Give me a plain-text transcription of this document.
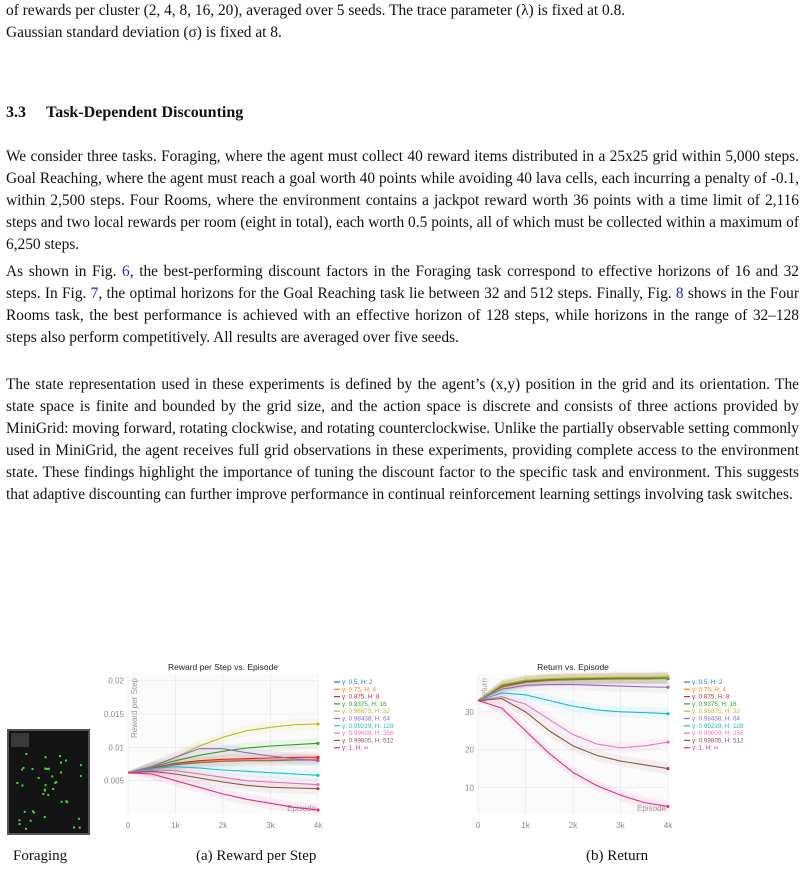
of rewards per cluster (2, 4, 8, 16, 20), averaged over 5 seeds. The trace parameter (λ) is fixed at 0.8.

Gaussian standard deviation (σ) is fixed at 8.

3.3 Task-Dependent Discounting

We consider three tasks. Foraging, where the agent must collect 40 reward items distributed in a 25x25 grid within 5,000 steps. Goal Reaching, where the agent must reach a goal worth 40 points while avoiding 40 lava cells, each incurring a penalty of -0.1, within 2,500 steps. Four Rooms, where the environment contains a jackpot reward worth 36 points with a time limit of 2,116 steps and two local rewards per room (eight in total), each worth 0.5 points, all of which must be collected within a maximum of 6,250 steps.

As shown in Fig. 6, the best-performing discount factors in the Foraging task correspond to effective horizons of 16 and 32 steps. In Fig. 7, the optimal horizons for the Goal Reaching task lie between 32 and 512 steps. Finally, Fig. 8 shows in the Four Rooms task, the best performance is achieved with an effective horizon of 128 steps, while horizons in the range of 32–128 steps also perform competitively. All results are averaged over five seeds.

The state representation used in these experiments is defined by the agent’s (x,y) position in the grid and its orientation. The state space is finite and bounded by the grid size, and the action space is discrete and consists of three actions provided by MiniGrid: moving forward, rotating clockwise, and rotating counterclockwise. Unlike the partially observable setting commonly used in MiniGrid, the agent receives full grid observations in these experiments, providing complete access to the environment state. These findings highlight the importance of tuning the discount factor to the specific task and environment. This suggests that adaptive discounting can further improve performance in continual reinforcement learning settings involving task switches.

Reward per Step vs. Episode
0.005
0.01
0.015
0.02
0	1k	2k	3k	4k
Episode
Reward per Step	γ: 0.5, H: 2
γ: 0.75, H: 4
γ: 0.875, H: 8
γ: 0.9375, H: 16
γ: 0.96875, H: 32
γ: 0.98438, H: 64
γ: 0.99219, H: 128
γ: 0.99609, H: 256
γ: 0.99805, H: 512
γ: 1, H: ∞
Return vs. Episode
10
20
30
0	1k	2k	3k	4k
Episode
Return	γ: 0.5, H: 2
γ: 0.75, H: 4
γ: 0.875, H: 8
γ: 0.9375, H: 16
γ: 0.96875, H: 32
γ: 0.98438, H: 64
γ: 0.99219, H: 128
γ: 0.99609, H: 256
γ: 0.99805, H: 512
γ: 1, H: ∞
Foraging	(a) Reward per Step	(b) Return
